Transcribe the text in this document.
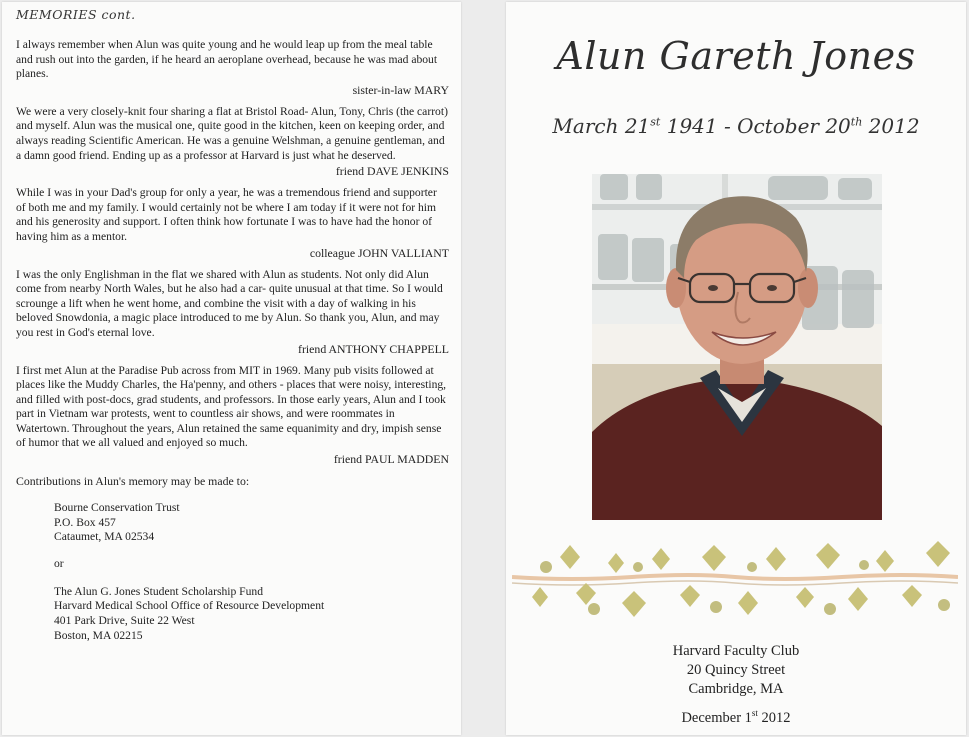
MEMORIES cont.

I always remember when Alun was quite young and he would leap up from the meal table and rush out into the garden, if he heard an aeroplane overhead, because he was mad about planes.

sister-in-law MARY

We were a very closely-knit four sharing a flat at Bristol Road- Alun, Tony, Chris (the carrot) and myself. Alun was the musical one, quite good in the kitchen, keen on keeping order, and always reading Scientific American. He was a genuine Welshman, a genuine gentleman, and a damn good friend. Ending up as a professor at Harvard is just what he deserved.

friend DAVE JENKINS

While I was in your Dad's group for only a year, he was a tremendous friend and supporter of both me and my family. I would certainly not be where I am today if it were not for him and his generosity and support. I often think how fortunate I was to have had the honor of having him as a mentor.

colleague JOHN VALLIANT

I was the only Englishman in the flat we shared with Alun as students. Not only did Alun come from nearby North Wales, but he also had a car- quite unusual at that time. So I would scrounge a lift when he went home, and combine the visit with a day of walking in his beloved Snowdonia, a magic place introduced to me by Alun. So thank you, Alun, and may you rest in God's eternal love.

friend ANTHONY CHAPPELL

I first met Alun at the Paradise Pub across from MIT in 1969. Many pub visits followed at places like the Muddy Charles, the Ha'penny, and others - places that were noisy, interesting, and filled with post-docs, grad students, and professors. In those early years, Alun and I took part in Vietnam war protests, went to countless air shows, and were roommates in Watertown. Throughout the years, Alun retained the same equanimity and dry, impish sense of humor that we all valued and enjoyed so much.

friend PAUL MADDEN
Contributions in Alun's memory may be made to:
Bourne Conservation Trust
P.O. Box 457
Cataumet, MA 02534
or
The Alun G. Jones Student Scholarship Fund
Harvard Medical School Office of Resource Development
401 Park Drive, Suite 22 West
Boston, MA 02215
Alun Gareth Jones
March 21st 1941 - October 20th 2012
Harvard Faculty Club
20 Quincy Street
Cambridge, MA
December 1st 2012
